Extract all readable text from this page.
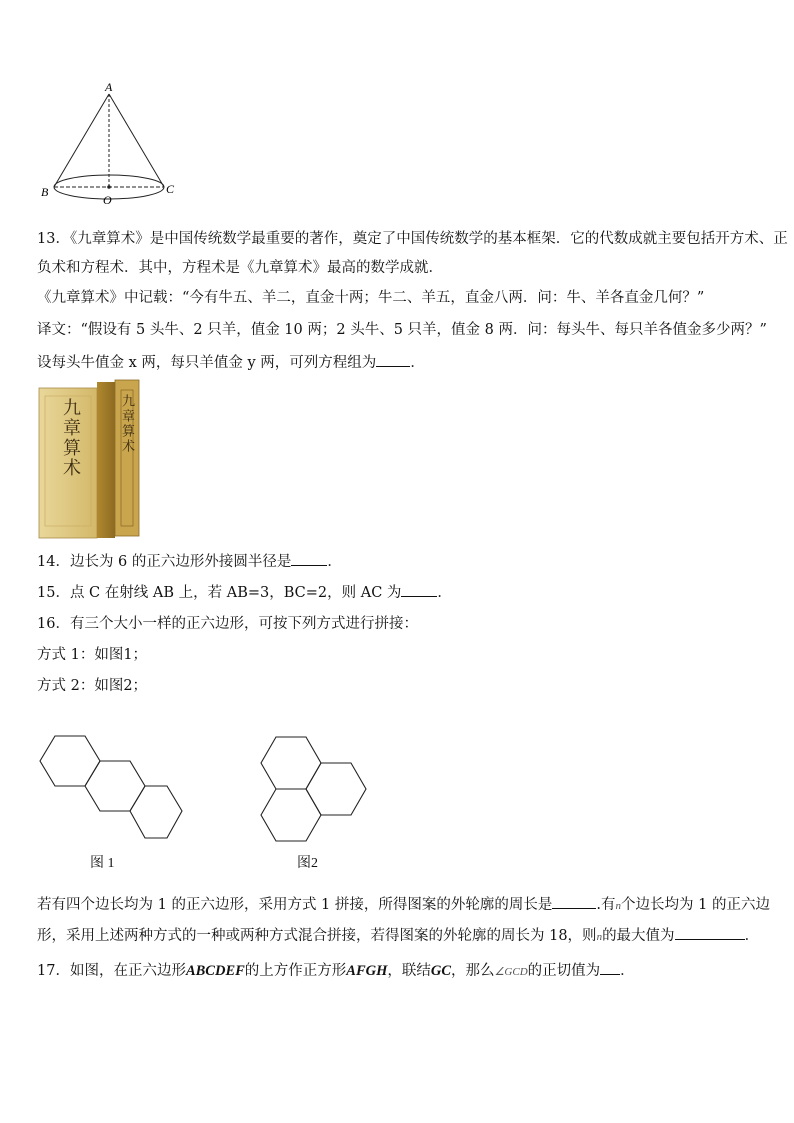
A
B	C
O
13．《九章算术》是中国传统数学最重要的著作，奠定了中国传统数学的基本框架．它的代数成就主要包括开方术、正
负术和方程术．其中，方程术是《九章算术》最高的数学成就．
《九章算术》中记载：“今有牛五、羊二，直金十两；牛二、羊五，直金八两．问：牛、羊各直金几何？”
译文：“假设有 5 头牛、2 只羊，值金 10 两；2 头牛、5 只羊，值金 8 两．问：每头牛、每只羊各值金多少两？”
设每头牛值金 x 两，每只羊值金 y 两，可列方程组为 ．
九章算术	九章算术
14．边长为 6 的正六边形外接圆半径是 ．
15．点 C 在射线 AB 上，若 AB=3，BC=2，则 AC 为 ．
16．有三个大小一样的正六边形，可按下列方式进行拼接：
方式 1：如图1；
方式 2：如图2；
图 1	图2
若有四个边长均为 1 的正六边形，采用方式 1 拼接，所得图案的外轮廓的周长是	.有n个边长均为 1 的正六边
形，采用上述两种方式的一种或两种方式混合拼接，若得图案的外轮廓的周长为 18，则n的最大值为	．
17．如图，在正六边形ABCDEF的上方作正方形AFGH，联结GC，那么∠GCD的正切值为 ．
